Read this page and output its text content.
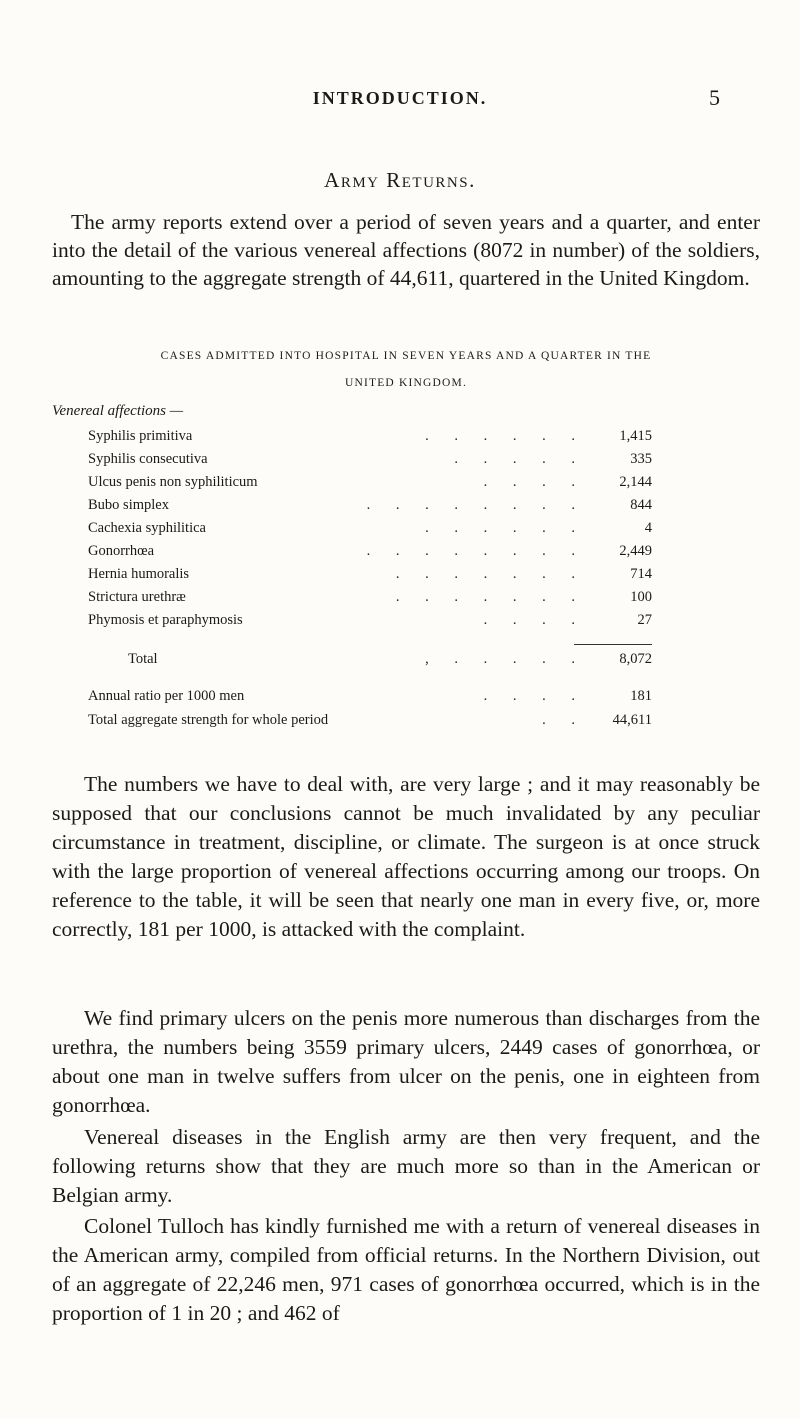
INTRODUCTION.	5
Army Returns.
The army reports extend over a period of seven years and a quarter, and enter into the detail of the various venereal affections (8072 in number) of the soldiers, amounting to the aggregate strength of 44,611, quartered in the United Kingdom.
CASES ADMITTED INTO HOSPITAL IN SEVEN YEARS AND A QUARTER IN THE
UNITED KINGDOM.
Venereal affections —
. . . . . .
Syphilis primitiva	1,415
. . . . .
Syphilis consecutiva	335
. . . .
Ulcus penis non syphiliticum	2,144
. . . . . . . .
Bubo simplex	844
. . . . . .
Cachexia syphilitica	4
. . . . . . . .
Gonorrhœa	2,449
. . . . . . .
Hernia humoralis	714
. . . . . . .
Strictura urethræ	100
. . . .
Phymosis et paraphymosis	27
, . . . . .
Total	8,072
. . . .
Annual ratio per 1000 men	181
. .
Total aggregate strength for whole period	44,611
The numbers we have to deal with, are very large ; and it may reasonably be supposed that our conclusions cannot be much invalidated by any peculiar circumstance in treatment, discipline, or climate. The surgeon is at once struck with the large proportion of venereal affections occurring among our troops. On reference to the table, it will be seen that nearly one man in every five, or, more correctly, 181 per 1000, is attacked with the complaint.
We find primary ulcers on the penis more numerous than discharges from the urethra, the numbers being 3559 primary ulcers, 2449 cases of gonorrhœa, or about one man in twelve suffers from ulcer on the penis, one in eighteen from gonorrhœa.
Venereal diseases in the English army are then very frequent, and the following returns show that they are much more so than in the American or Belgian army.
Colonel Tulloch has kindly furnished me with a return of venereal diseases in the American army, compiled from official returns. In the Northern Division, out of an aggregate of 22,246 men, 971 cases of gonorrhœa occurred, which is in the proportion of 1 in 20 ; and 462 of
